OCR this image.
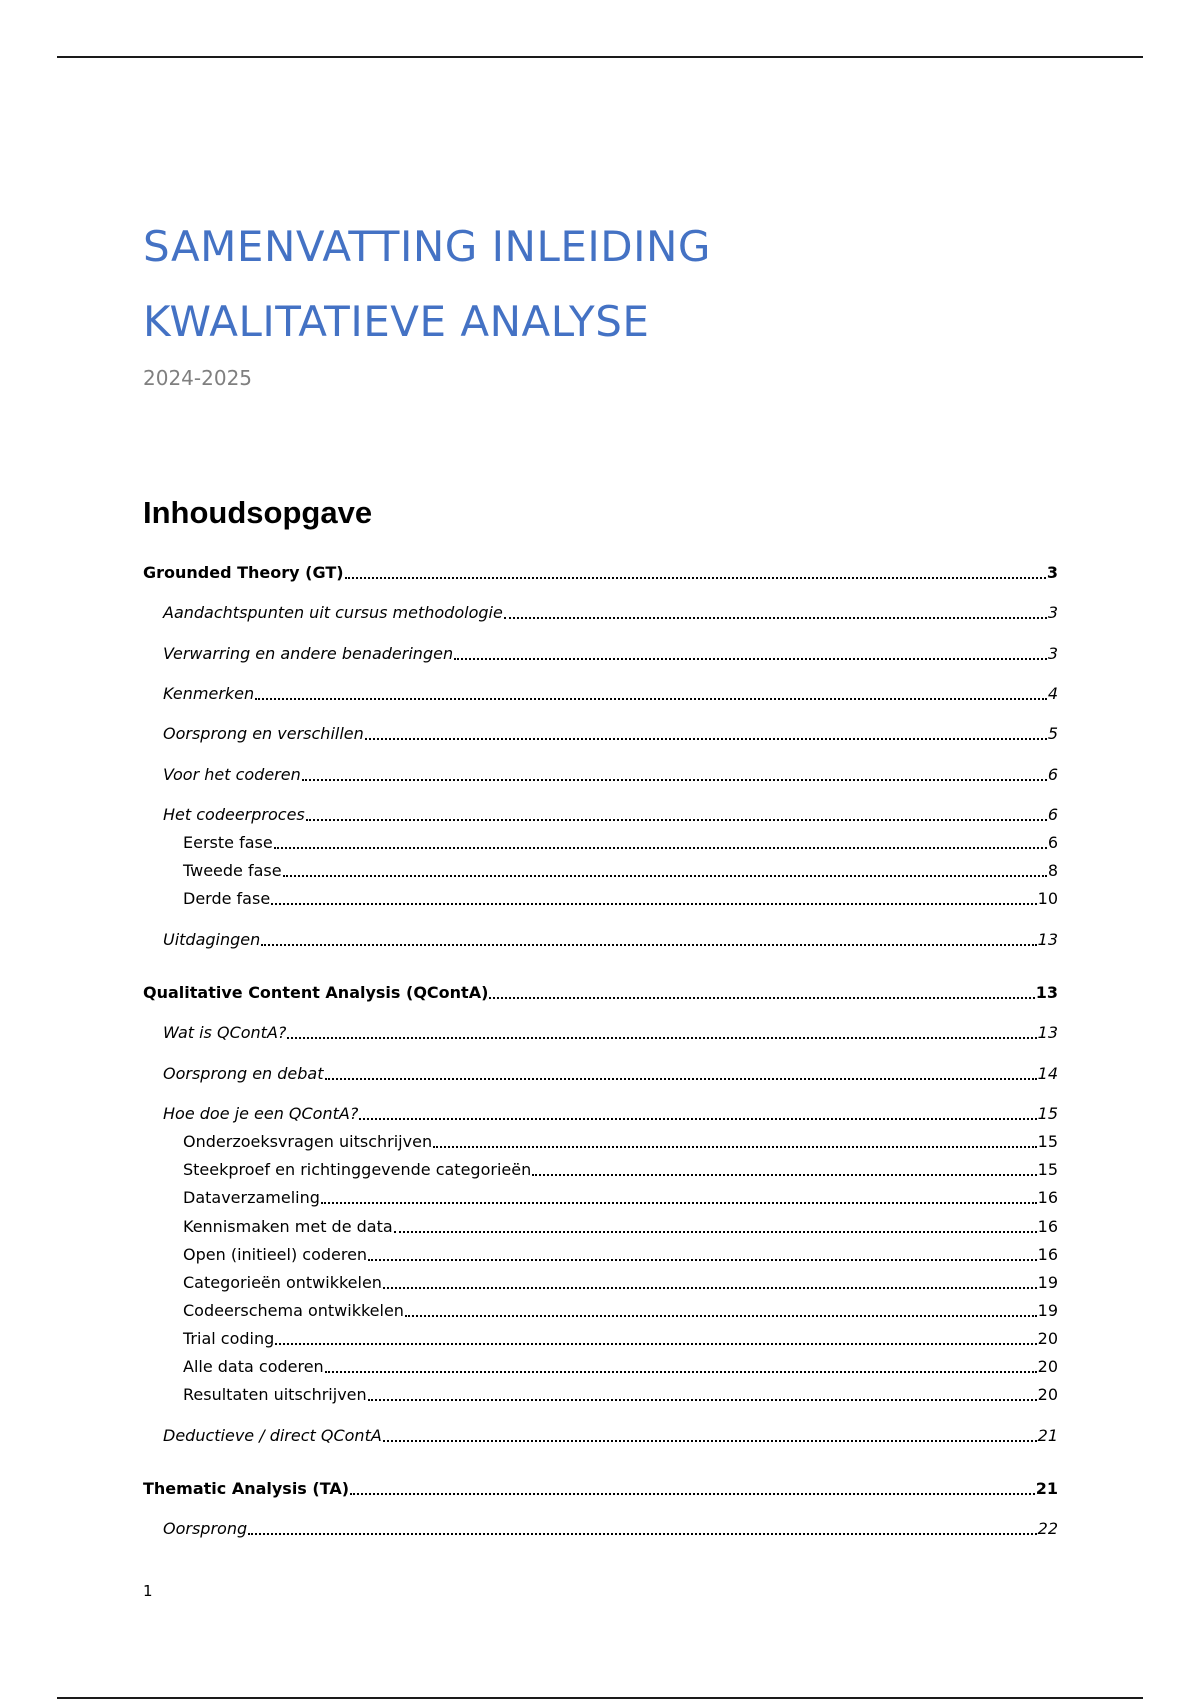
SAMENVATTING INLEIDING
KWALITATIEVE ANALYSE
2024-2025
Inhoudsopgave
Grounded Theory (GT)	3
Aandachtspunten uit cursus methodologie	3
Verwarring en andere benaderingen	3
Kenmerken	4
Oorsprong en verschillen	5
Voor het coderen	6
Het codeerproces	6
Eerste fase	6
Tweede fase	8
Derde fase	10
Uitdagingen	13
Qualitative Content Analysis (QContA)	13
Wat is QContA?	13
Oorsprong en debat	14
Hoe doe je een QContA?	15
Onderzoeksvragen uitschrijven	15
Steekproef en richtinggevende categorieën	15
Dataverzameling	16
Kennismaken met de data	16
Open (initieel) coderen	16
Categorieën ontwikkelen	19
Codeerschema ontwikkelen	19
Trial coding	20
Alle data coderen	20
Resultaten uitschrijven	20
Deductieve / direct QContA	21
Thematic Analysis (TA)	21
Oorsprong	22
1
